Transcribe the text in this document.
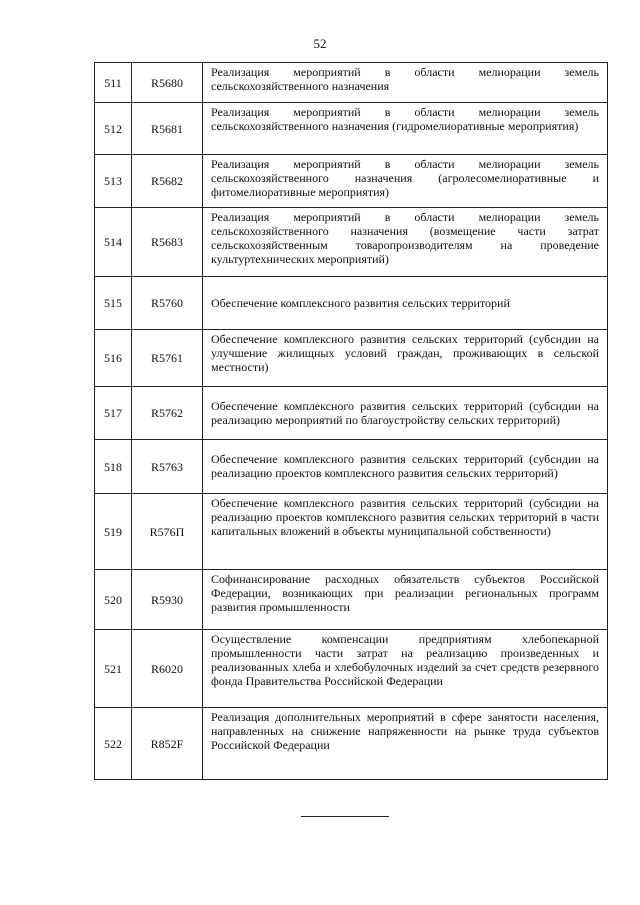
52
511	R5680	Реализация мероприятий в области мелиорации земель сельскохозяйственного назначения
512	R5681	Реализация мероприятий в области мелиорации земель сельскохозяйственного назначения (гидромелиоративные мероприятия)
513	R5682	Реализация мероприятий в области мелиорации земель сельскохозяйственного назначения (агролесомелиоративные и фитомелиоративные мероприятия)
514	R5683	Реализация мероприятий в области мелиорации земель сельскохозяйственного назначения (возмещение части затрат сельскохозяйственным товаропроизводителям на проведение культуртехнических мероприятий)
515	R5760	Обеспечение комплексного развития сельских территорий
516	R5761	Обеспечение комплексного развития сельских территорий (субсидии на улучшение жилищных условий граждан, проживающих в сельской местности)
517	R5762	Обеспечение комплексного развития сельских территорий (субсидии на реализацию мероприятий по благоустройству сельских территорий)
518	R5763	Обеспечение комплексного развития сельских территорий (субсидии на реализацию проектов комплексного развития сельских территорий)
519	R576П	Обеспечение комплексного развития сельских территорий (субсидии на реализацию проектов комплексного развития сельских территорий в части капитальных вложений в объекты муниципальной собственности)
520	R5930	Софинансирование расходных обязательств субъектов Российской Федерации, возникающих при реализации региональных программ развития промышленности
521	R6020	Осуществление компенсации предприятиям хлебопекарной промышленности части затрат на реализацию произведенных и реализованных хлеба и хлебобулочных изделий за счет средств резервного фонда Правительства Российской Федерации
522	R852F	Реализация дополнительных мероприятий в сфере занятости населения, направленных на снижение напряженности на рынке труда субъектов Российской Федерации
